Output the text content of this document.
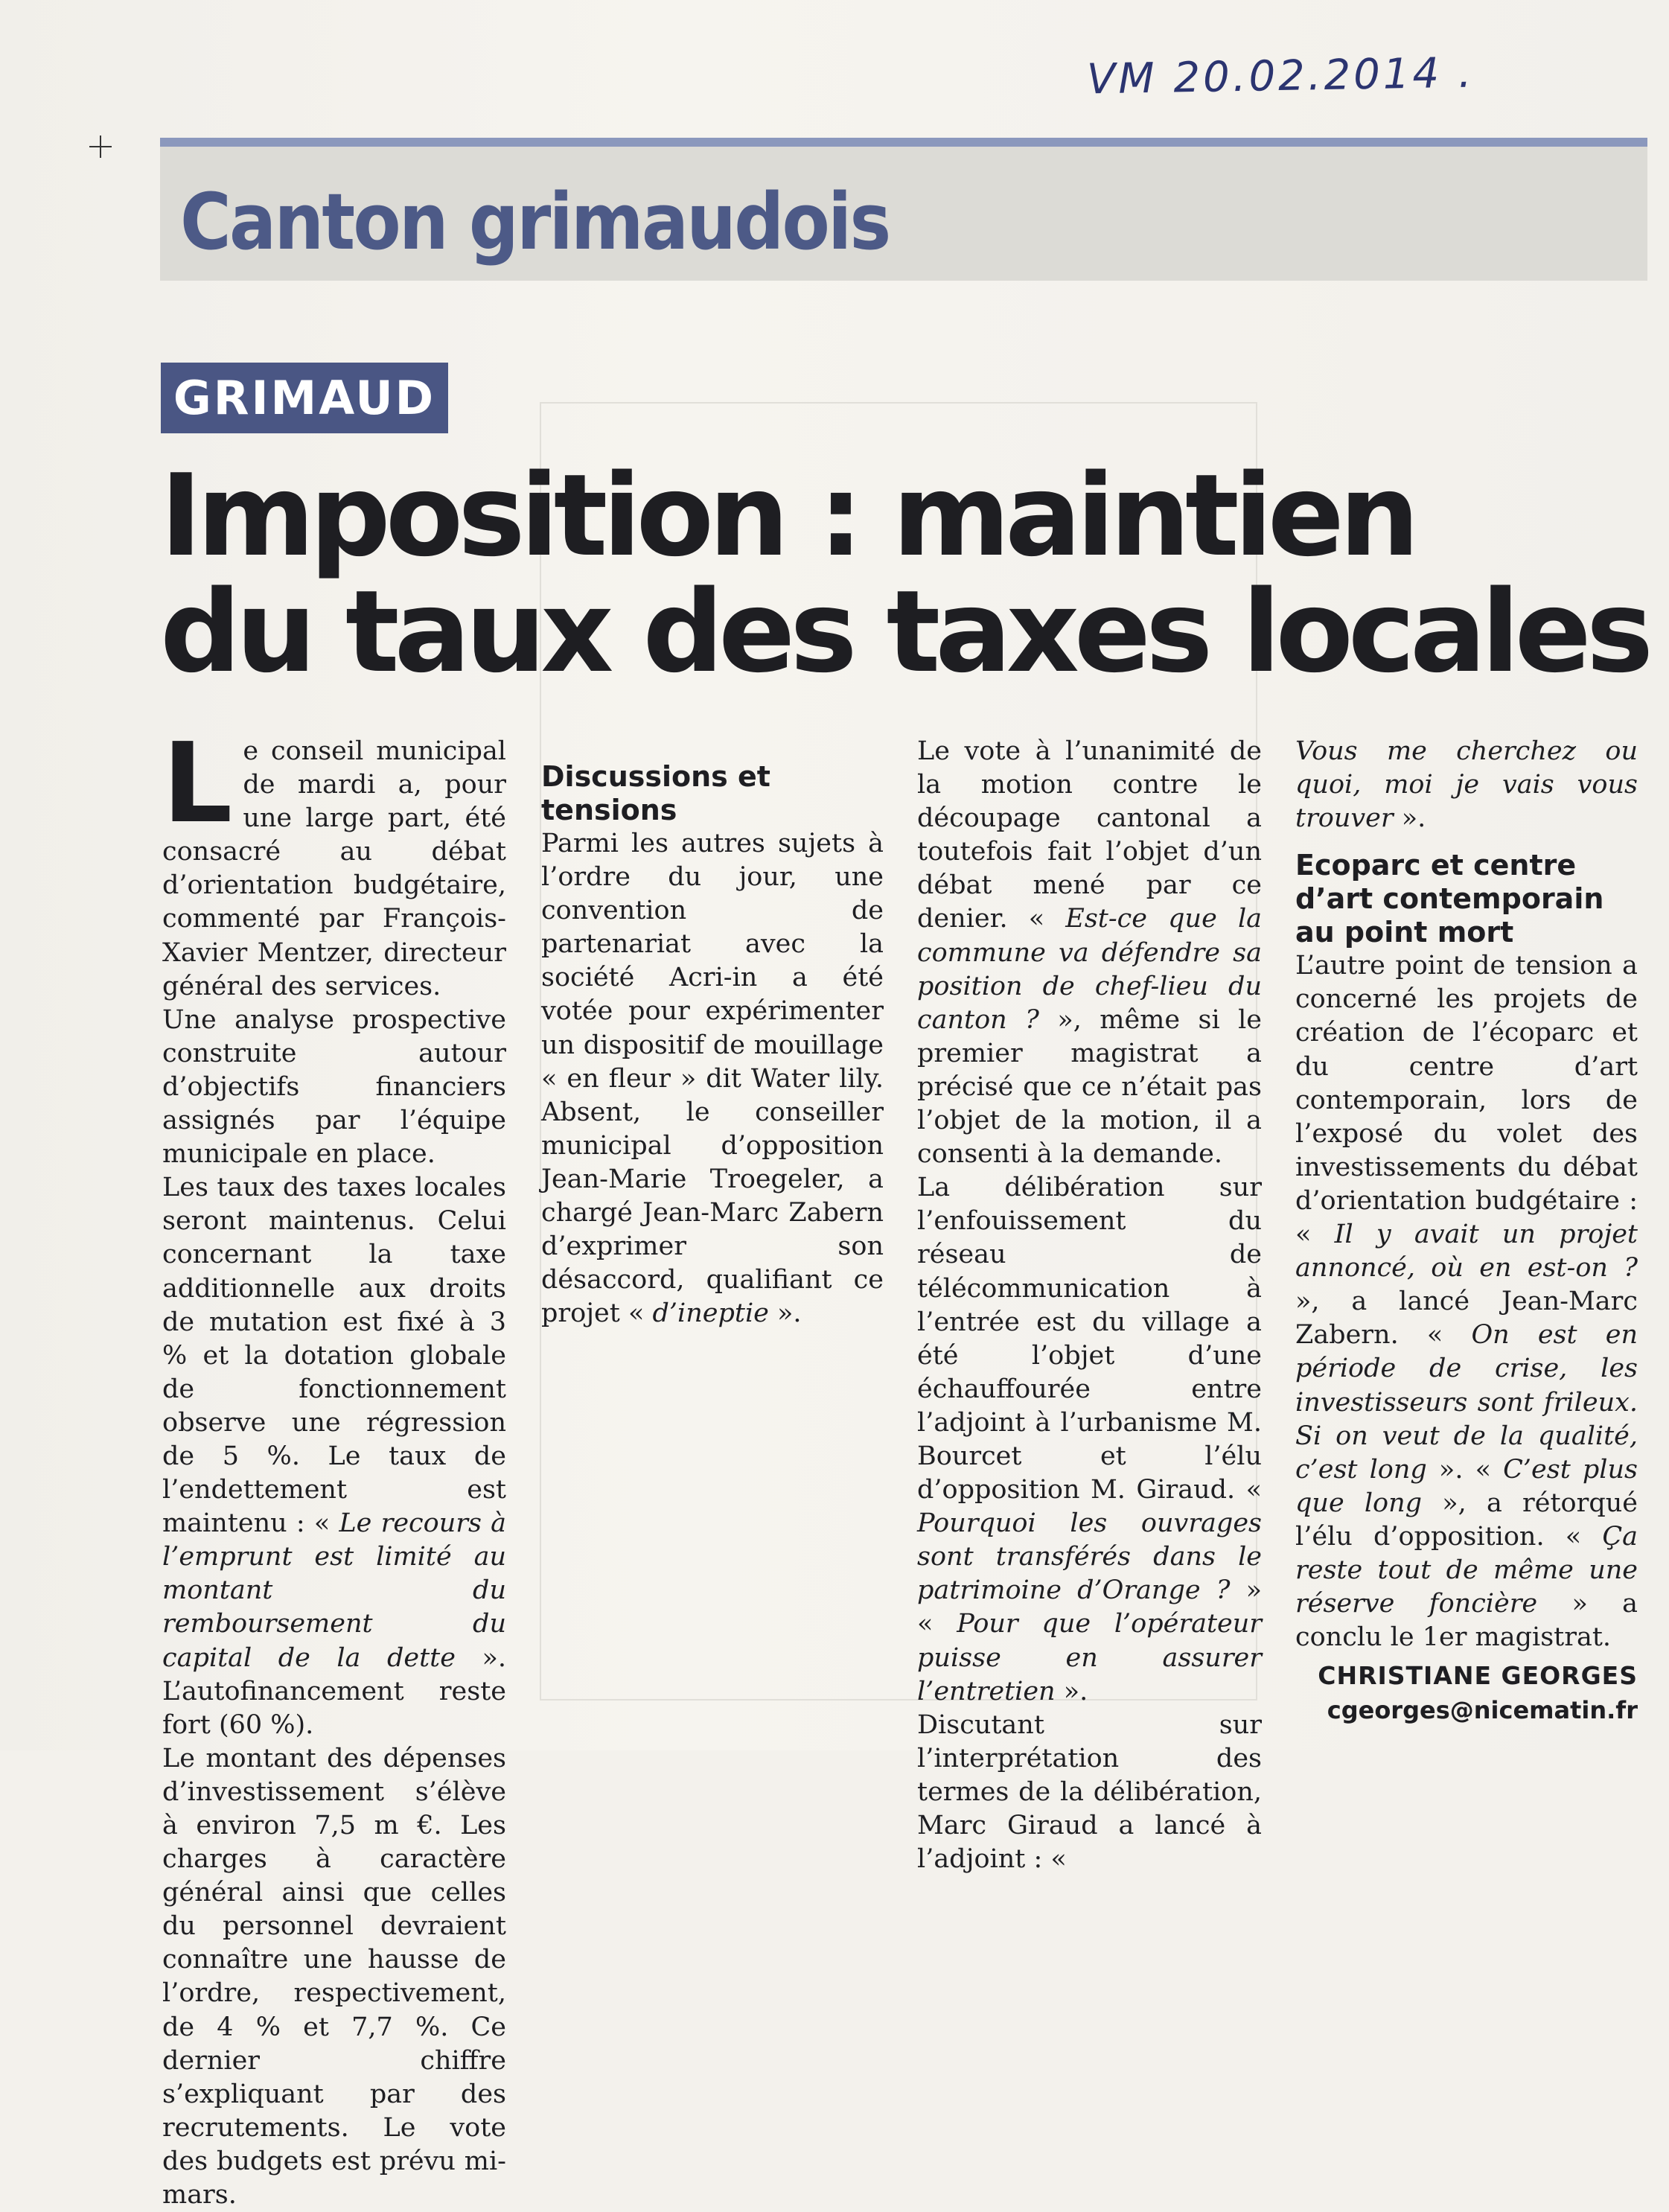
VM 20.02.2014 .
Canton grimaudois
GRIMAUD
Imposition : maintien
du taux des taxes locales

Le conseil municipal de mardi a, pour une large part, été consacré au débat d’orientation budgétaire, commenté par François-Xavier Mentzer, directeur général des services.

Une analyse prospective construite autour d’objectifs financiers assignés par l’équipe municipale en place.

Les taux des taxes locales seront maintenus. Celui concernant la taxe additionnelle aux droits de mutation est fixé à 3 % et la dotation globale de fonctionnement observe une régression de 5 %. Le taux de l’endettement est maintenu : « Le recours à l’emprunt est limité au montant du remboursement du capital de la dette ». L’autofinancement reste fort (60 %).

Le montant des dépenses d’investissement s’élève à environ 7,5 m €. Les charges à caractère général ainsi que celles du personnel devraient connaître une hausse de l’ordre, respectivement, de 4 % et 7,7 %. Ce dernier chiffre s’expliquant par des recrutements. Le vote des budgets est prévu mi-mars.

Discussions et tensions

Parmi les autres sujets à l’ordre du jour, une convention de partenariat avec la société Acri-in a été votée pour expérimenter un dispositif de mouillage « en fleur » dit Water lily. Absent, le conseiller municipal d’opposition Jean-Marie Troegeler, a chargé Jean-Marc Zabern d’exprimer son désaccord, qualifiant ce projet « d’ineptie ».

Le vote à l’unanimité de la motion contre le découpage cantonal a toutefois fait l’objet d’un débat mené par ce denier. « Est-ce que la commune va défendre sa position de chef-lieu du canton ? », même si le premier magistrat a précisé que ce n’était pas l’objet de la motion, il a consenti à la demande.

La délibération sur l’enfouissement du réseau de télécommunication à l’entrée est du village a été l’objet d’une échauffourée entre l’adjoint à l’urbanisme M. Bourcet et l’élu d’opposition M. Giraud. « Pourquoi les ouvrages sont transférés dans le patrimoine d’Orange ? » « Pour que l’opérateur puisse en assurer l’entretien ».

Discutant sur l’interprétation des termes de la délibération, Marc Giraud a lancé à l’adjoint : «

Vous me cherchez ou quoi, moi je vais vous trouver ».

Ecoparc et centre d’art contemporain au point mort

L’autre point de tension a concerné les projets de création de l’écoparc et du centre d’art contemporain, lors de l’exposé du volet des investissements du débat d’orientation budgétaire : « Il y avait un projet annoncé, où en est-on ? », a lancé Jean-Marc Zabern. « On est en période de crise, les investisseurs sont frileux. Si on veut de la qualité, c’est long ». « C’est plus que long », a rétorqué l’élu d’opposition. « Ça reste tout de même une réserve foncière » a conclu le 1er magistrat.

CHRISTIANE GEORGES
cgeorges@nicematin.fr
